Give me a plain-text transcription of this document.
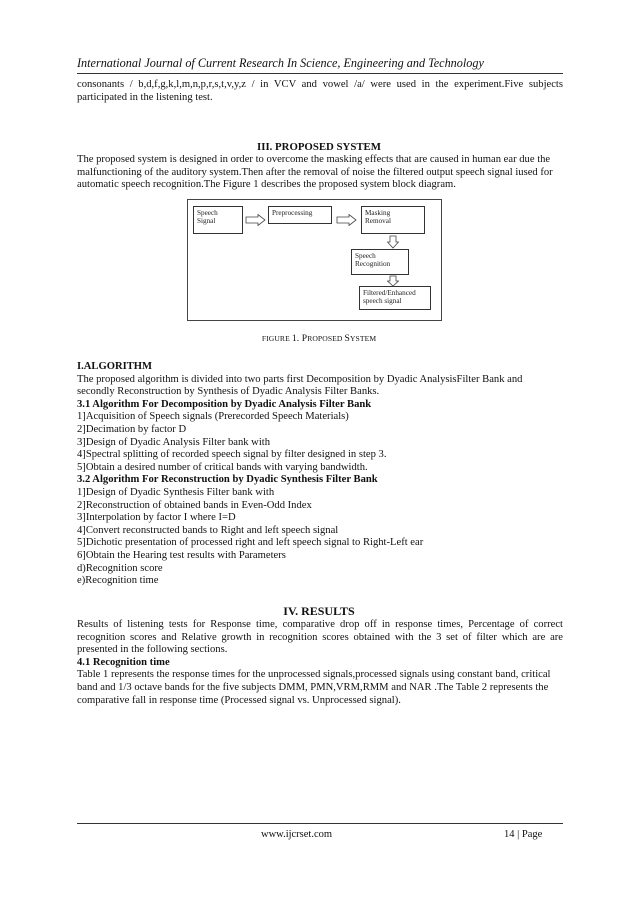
International Journal of Current Research In Science, Engineering and Technology
consonants / b,d,f,g,k,l,m,n,p,r,s,t,v,y,z / in VCV and vowel /a/ were used in the experiment.Five subjects
participated in the listening test.
III. PROPOSED SYSTEM
The proposed system is designed in order to overcome the masking effects that are caused in human ear due the
malfunctioning of the auditory system.Then after the removal of noise the filtered output speech signal iused for
automatic speech recognition.The Figure 1 describes the proposed system block diagram.
Speech
Signal
Preprocessing	Masking
Removal
Speech
Recognition
Filtered/Enhanced
speech signal
FIGURE 1. PROPOSED SYSTEM
I.ALGORITHM
The proposed algorithm is divided into two parts first Decomposition by Dyadic AnalysisFilter Bank and
secondly Reconstruction by Synthesis of Dyadic Analysis Filter Banks.
3.1 Algorithm For Decomposition by Dyadic Analysis Filter Bank
1]Acquisition of Speech signals (Prerecorded Speech Materials)
2]Decimation by factor D
3]Design of Dyadic Analysis Filter bank with
4]Spectral splitting of recorded speech signal by filter designed in step 3.
5]Obtain a desired number of critical bands with varying bandwidth.
3.2 Algorithm For Reconstruction by Dyadic Synthesis Filter Bank
1]Design of Dyadic Synthesis Filter bank with
2]Reconstruction of obtained bands in Even-Odd Index
3]Interpolation by factor I where I=D
4]Convert reconstructed bands to Right and left speech signal
5]Dichotic presentation of processed right and left speech signal to Right-Left ear
6]Obtain the Hearing test results with Parameters
d)Recognition score
e)Recognition time
IV. RESULTS
Results of listening tests for Response time, comparative drop off in response times, Percentage of correct
recognition scores and Relative growth in recognition scores obtained with the 3 set of filter which are are
presented in the following sections.
4.1 Recognition time
Table 1 represents the response times for the unprocessed signals,processed signals using constant band, critical
band and 1/3 octave bands for the five subjects DMM, PMN,VRM,RMM and NAR .The Table 2 represents the
comparative fall in response time (Processed signal vs. Unprocessed signal).
www.ijcrset.com	14 | Page
